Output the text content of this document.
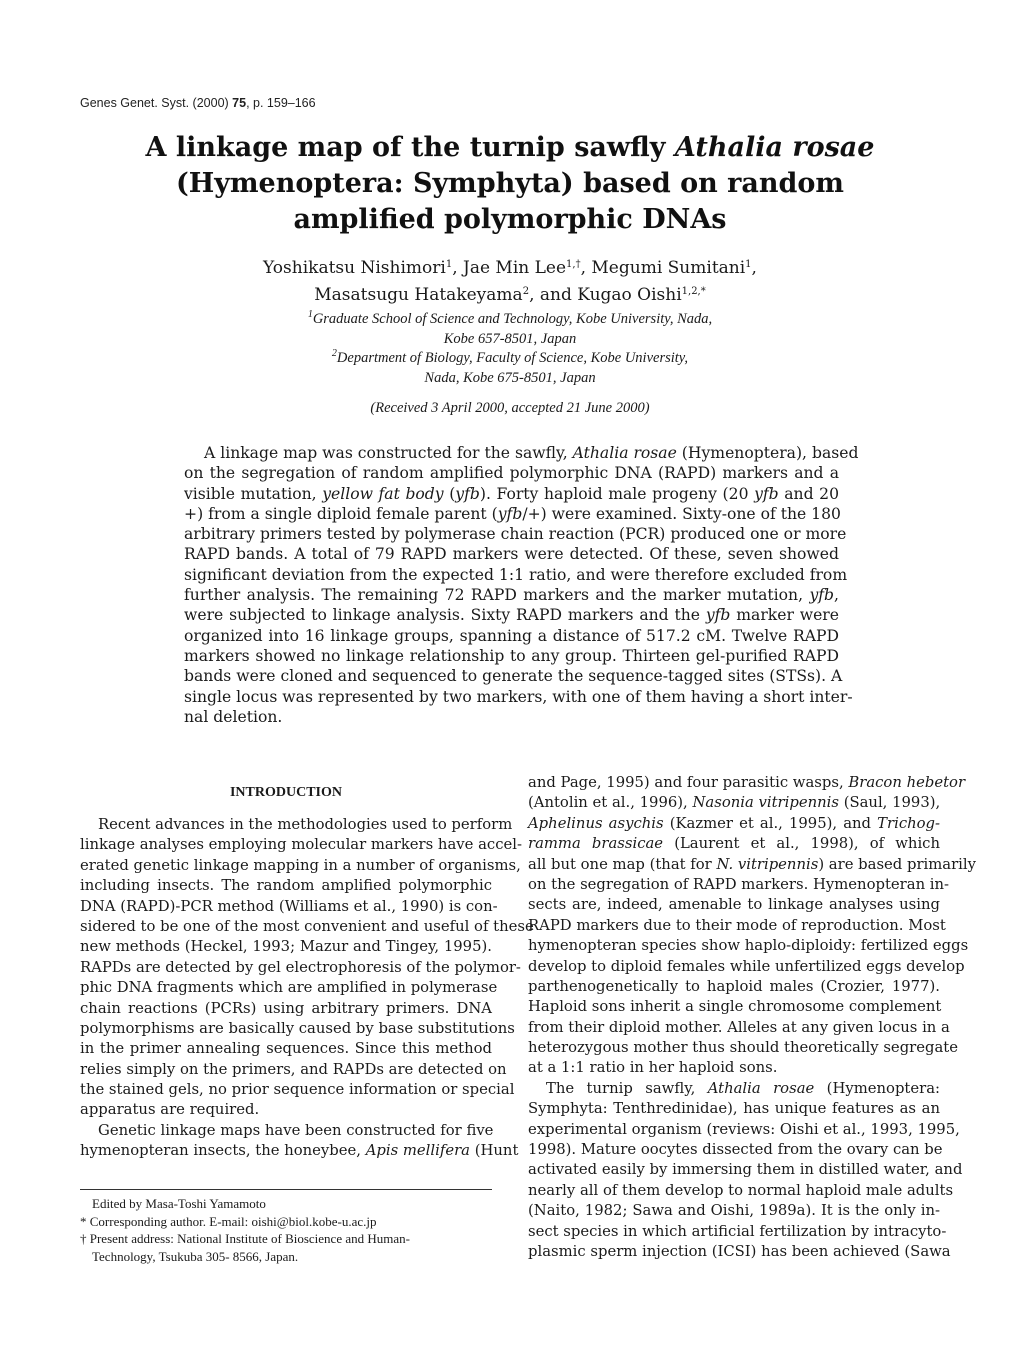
Genes Genet. Syst. (2000) 75, p. 159–166
A linkage map of the turnip sawfly Athalia rosae
(Hymenoptera: Symphyta) based on random
amplified polymorphic DNAs
Yoshikatsu Nishimori$^1$, Jae Min Lee$^{1,\dagger}$, Megumi Sumitani$^1$,
Masatsugu Hatakeyama$^2$, and Kugao Oishi$^{1,2,*}$
$^1$Graduate School of Science and Technology, Kobe University, Nada,
Kobe 657-8501, Japan
$^2$Department of Biology, Faculty of Science, Kobe University,
Nada, Kobe 675-8501, Japan
(Received 3 April 2000, accepted 21 June 2000)
A linkage map was constructed for the sawfly, Athalia rosae (Hymenoptera), based
on the segregation of random amplified polymorphic DNA (RAPD) markers and a
visible mutation, yellow fat body (yfb). Forty haploid male progeny (20 yfb and 20
+) from a single diploid female parent (yfb/+) were examined. Sixty-one of the 180
arbitrary primers tested by polymerase chain reaction (PCR) produced one or more
RAPD bands. A total of 79 RAPD markers were detected. Of these, seven showed
significant deviation from the expected 1:1 ratio, and were therefore excluded from
further analysis. The remaining 72 RAPD markers and the marker mutation, yfb,
were subjected to linkage analysis. Sixty RAPD markers and the yfb marker were
organized into 16 linkage groups, spanning a distance of 517.2 cM. Twelve RAPD
markers showed no linkage relationship to any group. Thirteen gel-purified RAPD
bands were cloned and sequenced to generate the sequence-tagged sites (STSs). A
single locus was represented by two markers, with one of them having a short inter-
nal deletion.
INTRODUCTION
Recent advances in the methodologies used to perform
linkage analyses employing molecular markers have accel-
erated genetic linkage mapping in a number of organisms,
including insects. The random amplified polymorphic
DNA (RAPD)-PCR method (Williams et al., 1990) is con-
sidered to be one of the most convenient and useful of these
new methods (Heckel, 1993; Mazur and Tingey, 1995).
RAPDs are detected by gel electrophoresis of the polymor-
phic DNA fragments which are amplified in polymerase
chain reactions (PCRs) using arbitrary primers. DNA
polymorphisms are basically caused by base substitutions
in the primer annealing sequences. Since this method
relies simply on the primers, and RAPDs are detected on
the stained gels, no prior sequence information or special
apparatus are required.
Genetic linkage maps have been constructed for five
hymenopteran insects, the honeybee, Apis mellifera (Hunt
and Page, 1995) and four parasitic wasps, Bracon hebetor
(Antolin et al., 1996), Nasonia vitripennis (Saul, 1993),
Aphelinus asychis (Kazmer et al., 1995), and Trichog-
ramma brassicae (Laurent et al., 1998), of which
all but one map (that for N. vitripennis) are based primarily
on the segregation of RAPD markers. Hymenopteran in-
sects are, indeed, amenable to linkage analyses using
RAPD markers due to their mode of reproduction. Most
hymenopteran species show haplo-diploidy: fertilized eggs
develop to diploid females while unfertilized eggs develop
parthenogenetically to haploid males (Crozier, 1977).
Haploid sons inherit a single chromosome complement
from their diploid mother. Alleles at any given locus in a
heterozygous mother thus should theoretically segregate
at a 1:1 ratio in her haploid sons.
The turnip sawfly, Athalia rosae (Hymenoptera:
Symphyta: Tenthredinidae), has unique features as an
experimental organism (reviews: Oishi et al., 1993, 1995,
1998). Mature oocytes dissected from the ovary can be
activated easily by immersing them in distilled water, and
nearly all of them develop to normal haploid male adults
(Naito, 1982; Sawa and Oishi, 1989a). It is the only in-
sect species in which artificial fertilization by intracyto-
plasmic sperm injection (ICSI) has been achieved (Sawa
Edited by Masa-Toshi Yamamoto
* Corresponding author. E-mail: oishi@biol.kobe-u.ac.jp
† Present address: National Institute of Bioscience and Human-
Technology, Tsukuba 305- 8566, Japan.
